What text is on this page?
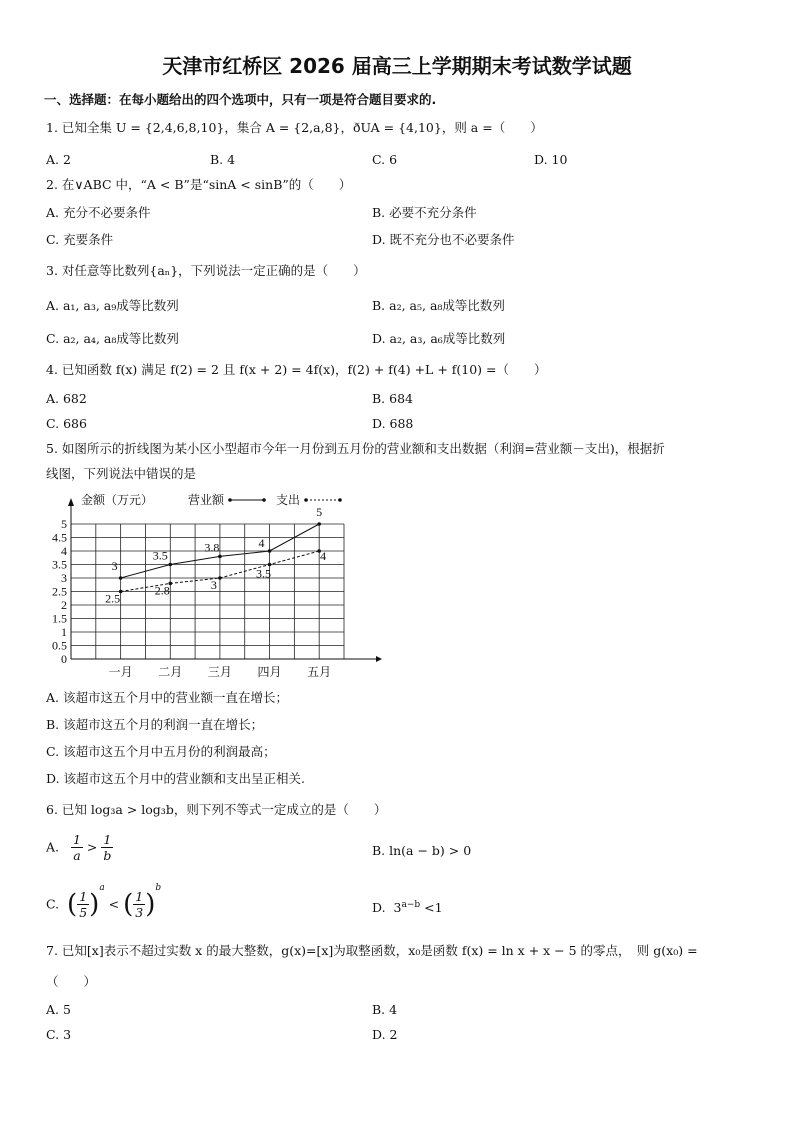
天津市红桥区 2026 届高三上学期期末考试数学试题
一、选择题：在每小题给出的四个选项中，只有一项是符合题目要求的.
1. 已知全集 U = {2,4,6,8,10}，集合 A = {2,a,8}，ðUA = {4,10}，则 a =（　　）
A. 2	B. 4	C. 6	D. 10
2. 在∨ABC 中，“A < B”是“sinA < sinB”的（　　）
A. 充分不必要条件	B. 必要不充分条件
C. 充要条件	D. 既不充分也不必要条件
3. 对任意等比数列{aₙ}，下列说法一定正确的是（　　）
A. a₁, a₃, a₉成等比数列	B. a₂, a₅, a₈成等比数列
C. a₂, a₄, a₈成等比数列	D. a₂, a₃, a₆成等比数列
4. 已知函数 f(x) 满足 f(2) = 2 且 f(x + 2) = 4f(x)，f(2) + f(4) +L + f(10) =（　　）
A. 682	B. 684
C. 686	D. 688
5. 如图所示的折线图为某小区小型超市今年一月份到五月份的营业额和支出数据（利润=营业额－支出)，根据折
线图，下列说法中错误的是
0
0.5
1
1.5
2
2.5
3
3.5
4
4.5
5
一月 二月 三月 四月 五月
金额（万元）	营业额	支出
3
3.5
3.8	4
5
2.5
2.8	3
3.5
4
A. 该超市这五个月中的营业额一直在增长；
B. 该超市这五个月的利润一直在增长；
C. 该超市这五个月中五月份的利润最高；
D. 该超市这五个月中的营业额和支出呈正相关.
6. 已知 log₃a > log₃b，则下列不等式一定成立的是（　　）
A. $\frac{1}{a} > \frac{1}{b}$	B. ln(a − b) > 0
C. ( $\frac{1}{5} )^a$ < ( $\frac{1}{3} )^b$
D. $3^{a-b} <1$
7. 已知[x]表示不超过实数 x 的最大整数，g(x)=[x]为取整函数，x₀是函数 f(x) = ln x + x − 5 的零点，　则 g(x₀) =
（　　）
A. 5	B. 4
C. 3	D. 2
